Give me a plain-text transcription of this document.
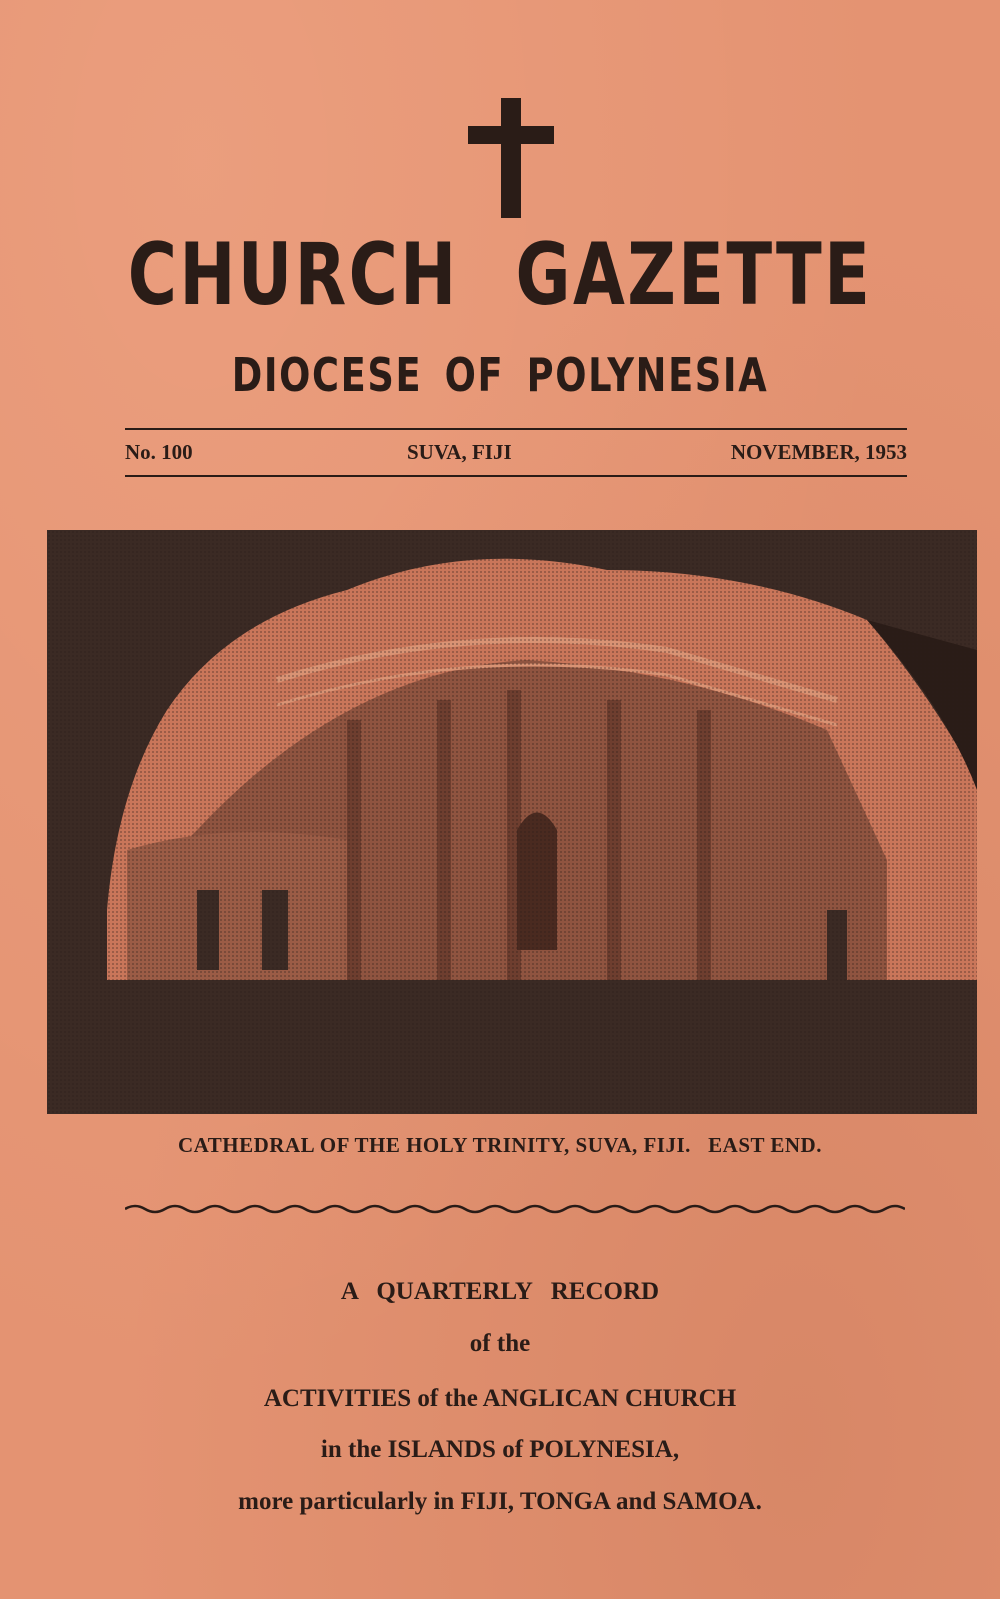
CHURCH GAZETTE
DIOCESE OF POLYNESIA
No. 100	SUVA, FIJI	NOVEMBER, 1953
CATHEDRAL OF THE HOLY TRINITY, SUVA, FIJI.   EAST END.
A   QUARTERLY   RECORD
of the
ACTIVITIES of the ANGLICAN CHURCH
in the ISLANDS of POLYNESIA,
more particularly in FIJI, TONGA and SAMOA.
